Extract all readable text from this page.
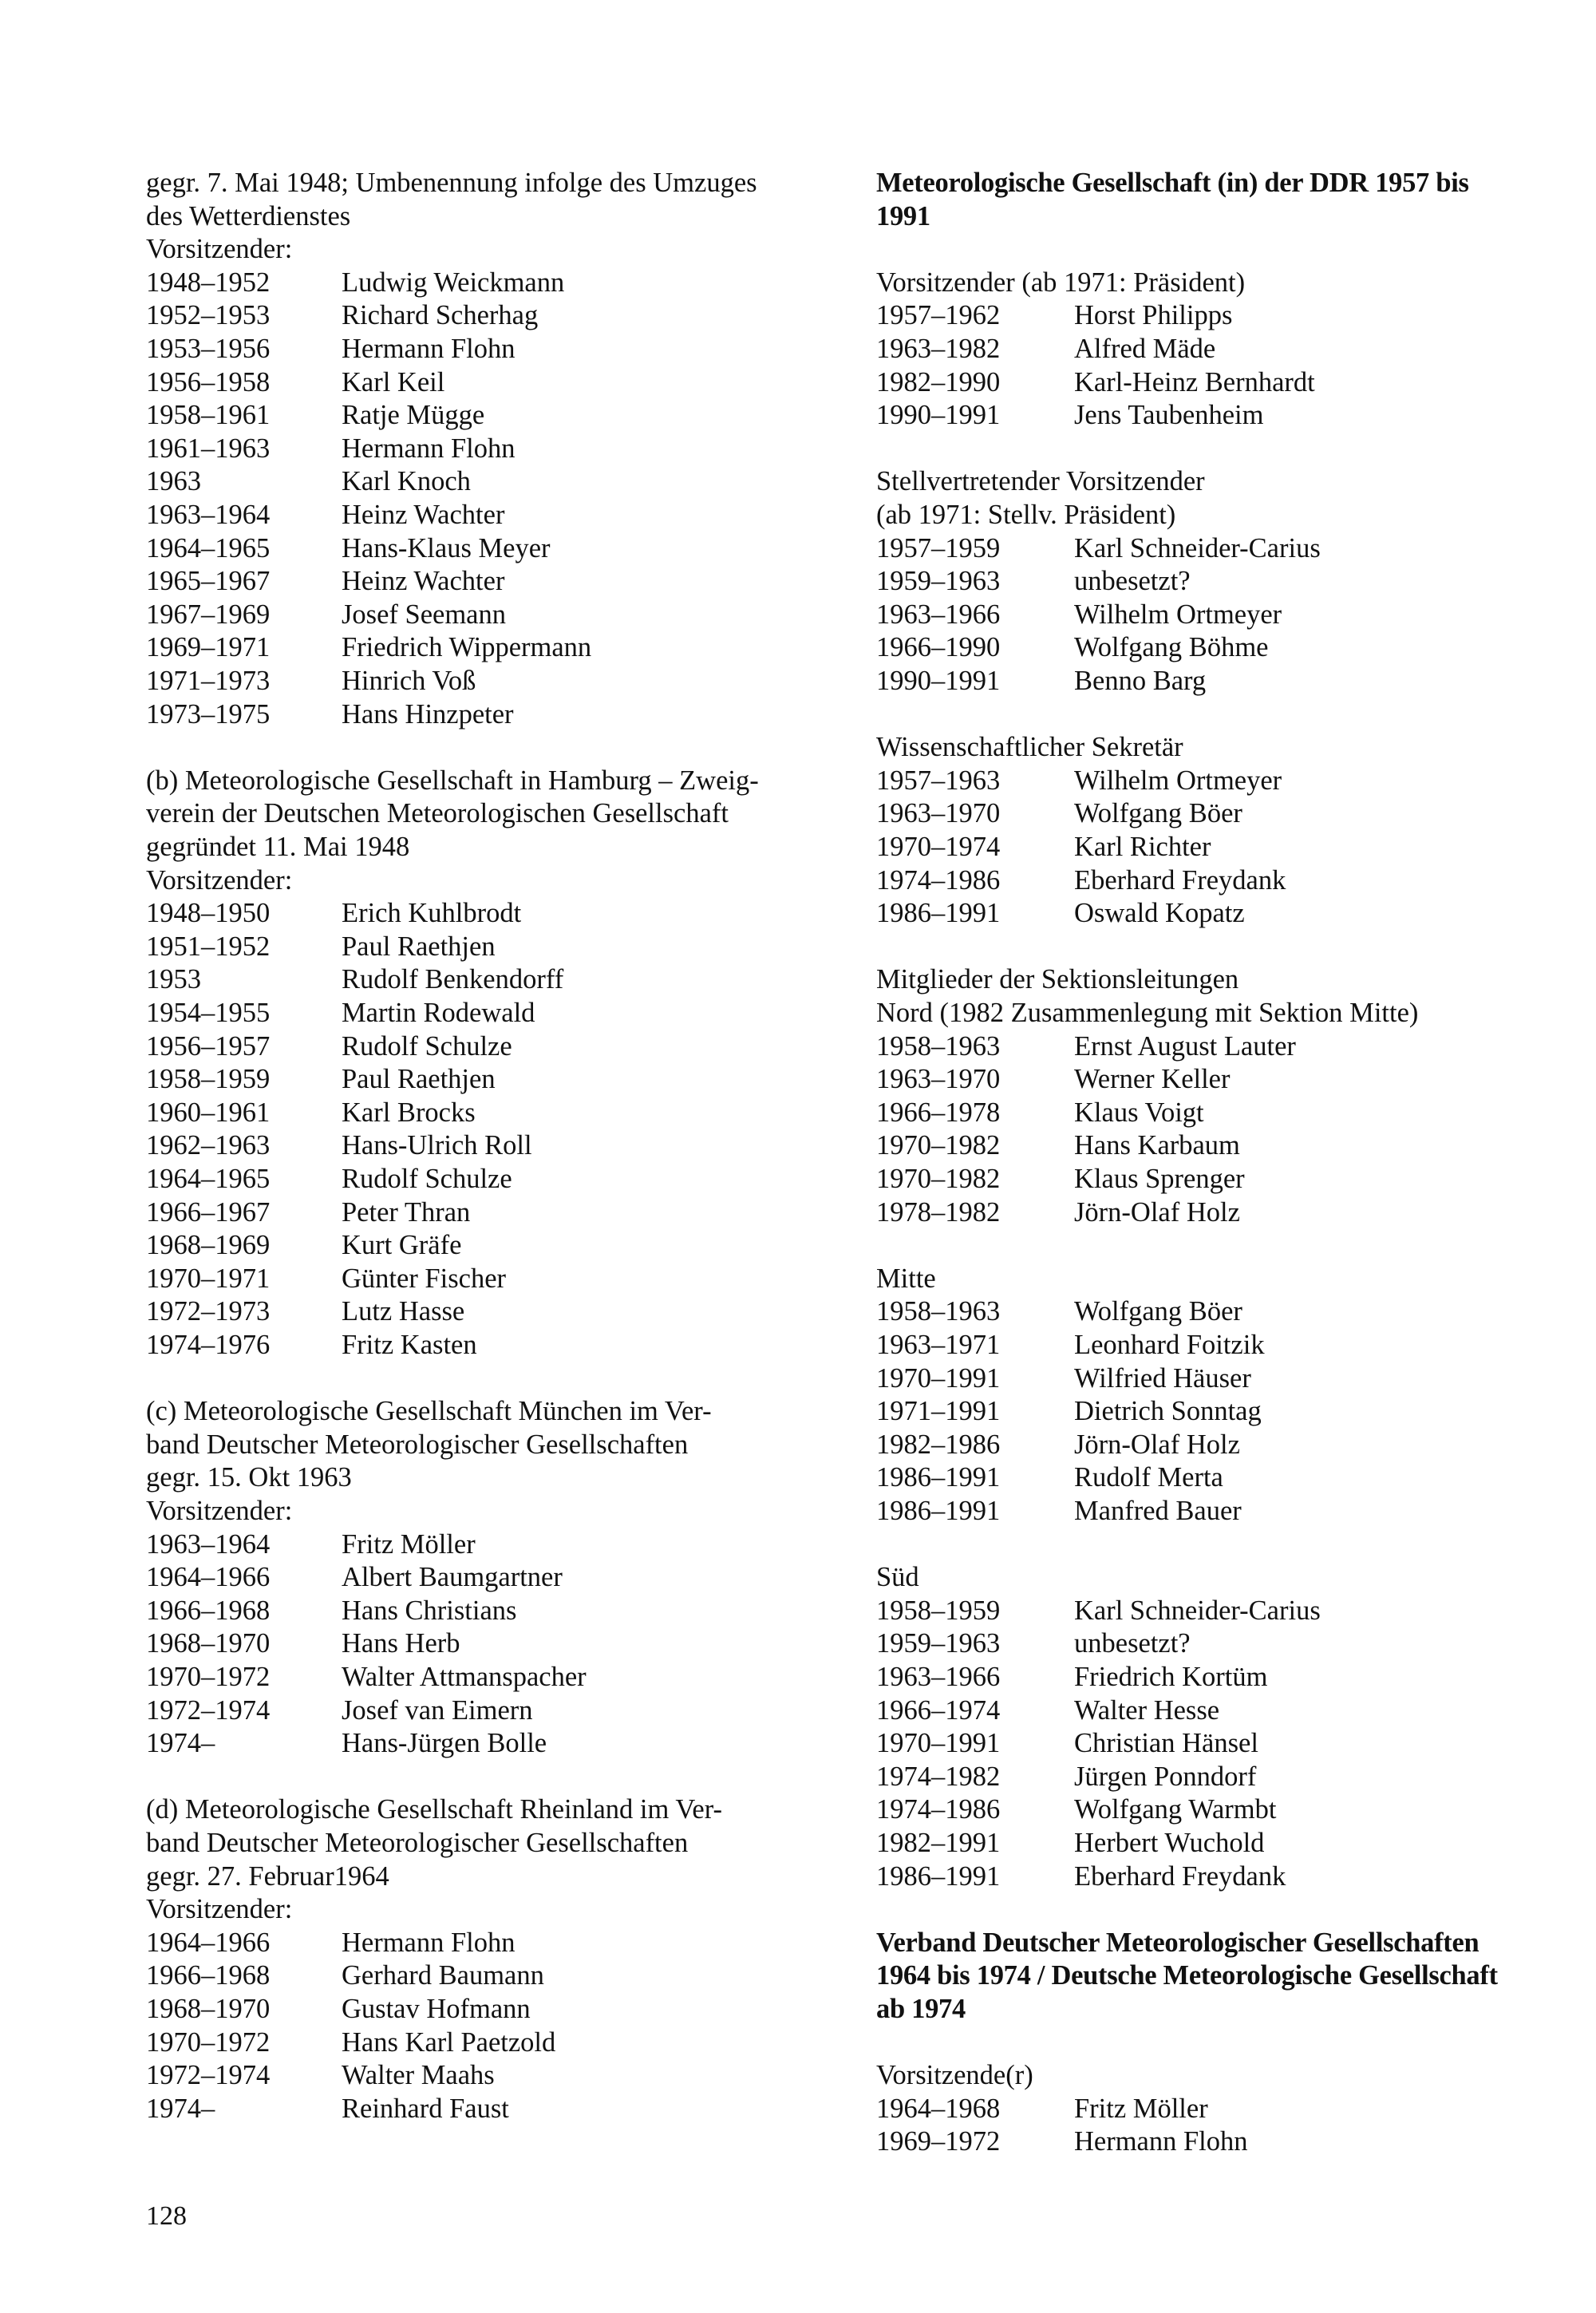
gegr. 7. Mai 1948; Umbenennung infolge des Umzuges
des Wetterdienstes
Vorsitzender:
1948–1952	Ludwig Weickmann
1952–1953	Richard Scherhag
1953–1956	Hermann Flohn
1956–1958	Karl Keil
1958–1961	Ratje Mügge
1961–1963	Hermann Flohn
1963	Karl Knoch
1963–1964	Heinz Wachter
1964–1965	Hans-Klaus Meyer
1965–1967	Heinz Wachter
1967–1969	Josef Seemann
1969–1971	Friedrich Wippermann
1971–1973	Hinrich Voß
1973–1975	Hans Hinzpeter
(b) Meteorologische Gesellschaft in Hamburg – Zweig-
verein der Deutschen Meteorologischen Gesellschaft
gegründet 11. Mai 1948
Vorsitzender:
1948–1950	Erich Kuhlbrodt
1951–1952	Paul Raethjen
1953	Rudolf Benkendorff
1954–1955	Martin Rodewald
1956–1957	Rudolf Schulze
1958–1959	Paul Raethjen
1960–1961	Karl Brocks
1962–1963	Hans-Ulrich Roll
1964–1965	Rudolf Schulze
1966–1967	Peter Thran
1968–1969	Kurt Gräfe
1970–1971	Günter Fischer
1972–1973	Lutz Hasse
1974–1976	Fritz Kasten
(c) Meteorologische Gesellschaft München im Ver-
band Deutscher Meteorologischer Gesellschaften
gegr. 15. Okt 1963
Vorsitzender:
1963–1964	Fritz Möller
1964–1966	Albert Baumgartner
1966–1968	Hans Christians
1968–1970	Hans Herb
1970–1972	Walter Attmanspacher
1972–1974	Josef van Eimern
1974–	Hans-Jürgen Bolle
(d) Meteorologische Gesellschaft Rheinland im Ver-
band Deutscher Meteorologischer Gesellschaften
gegr. 27. Februar1964
Vorsitzender:
1964–1966	Hermann Flohn
1966–1968	Gerhard Baumann
1968–1970	Gustav Hofmann
1970–1972	Hans Karl Paetzold
1972–1974	Walter Maahs
1974–	Reinhard Faust
Meteorologische Gesellschaft (in) der DDR 1957 bis
1991
Vorsitzender (ab 1971: Präsident)
1957–1962	Horst Philipps
1963–1982	Alfred Mäde
1982–1990	Karl-Heinz Bernhardt
1990–1991	Jens Taubenheim
Stellvertretender Vorsitzender
(ab 1971: Stellv. Präsident)
1957–1959	Karl Schneider-Carius
1959–1963	unbesetzt?
1963–1966	Wilhelm Ortmeyer
1966–1990	Wolfgang Böhme
1990–1991	Benno Barg
Wissenschaftlicher Sekretär
1957–1963	Wilhelm Ortmeyer
1963–1970	Wolfgang Böer
1970–1974	Karl Richter
1974–1986	Eberhard Freydank
1986–1991	Oswald Kopatz
Mitglieder der Sektionsleitungen
Nord (1982 Zusammenlegung mit Sektion Mitte)
1958–1963	Ernst August Lauter
1963–1970	Werner Keller
1966–1978	Klaus Voigt
1970–1982	Hans Karbaum
1970–1982	Klaus Sprenger
1978–1982	Jörn-Olaf Holz
Mitte
1958–1963	Wolfgang Böer
1963–1971	Leonhard Foitzik
1970–1991	Wilfried Häuser
1971–1991	Dietrich Sonntag
1982–1986	Jörn-Olaf Holz
1986–1991	Rudolf Merta
1986–1991	Manfred Bauer
Süd
1958–1959	Karl Schneider-Carius
1959–1963	unbesetzt?
1963–1966	Friedrich Kortüm
1966–1974	Walter Hesse
1970–1991	Christian Hänsel
1974–1982	Jürgen Ponndorf
1974–1986	Wolfgang Warmbt
1982–1991	Herbert Wuchold
1986–1991	Eberhard Freydank
Verband Deutscher Meteorologischer Gesellschaften
1964 bis 1974 / Deutsche Meteorologische Gesellschaft
ab 1974
Vorsitzende(r)
1964–1968	Fritz Möller
1969–1972	Hermann Flohn
128
